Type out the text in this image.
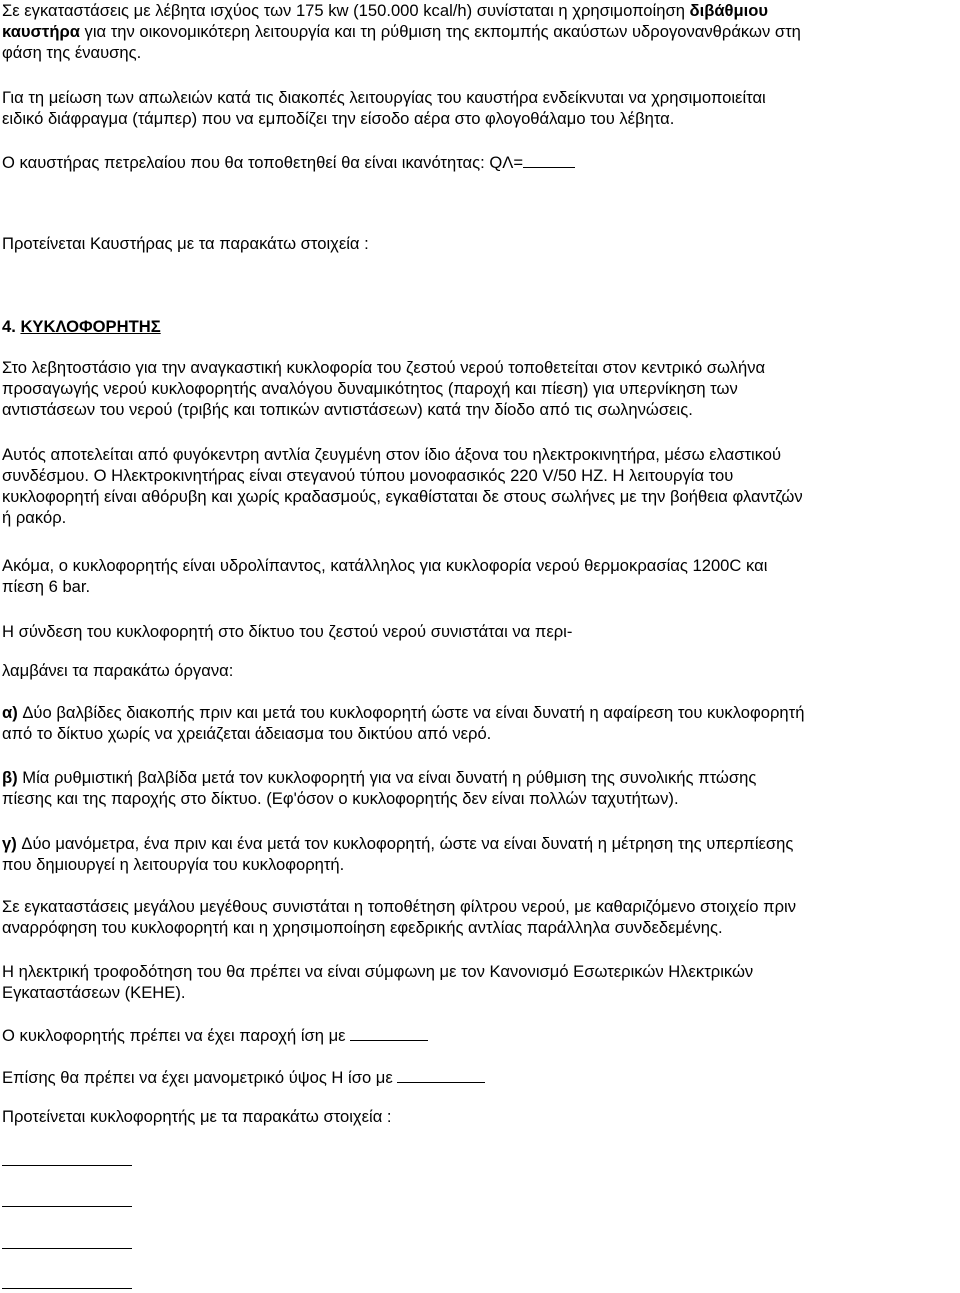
Σε εγκαταστάσεις με λέβητα ισχύος των 175 kw (150.000 kcal/h) συνίσταται η χρησιμοποίηση διβάθμιου
καυστήρα για την οικονομικότερη λειτουργία και τη ρύθμιση της εκπομπής ακαύστων υδρογονανθράκων στη
φάση της έναυσης.

Για τη μείωση των απωλειών κατά τις διακοπές λειτουργίας του καυστήρα ενδείκνυται να χρησιμοποιείται
ειδικό διάφραγμα (τάμπερ) που να εμποδίζει την είσοδο αέρα στο φλογοθάλαμο του λέβητα.

Ο καυστήρας πετρελαίου που θα τοποθετηθεί θα είναι ικανότητας: QΛ=

Προτείνεται Καυστήρας με τα παρακάτω στοιχεία :

4. ΚΥΚΛΟΦΟΡΗΤΗΣ

Στο λεβητοστάσιο για την αναγκαστική κυκλοφορία του ζεστού νερού τοποθετείται στον κεντρικό σωλήνα
προσαγωγής νερού κυκλοφορητής αναλόγου δυναμικότητος (παροχή και πίεση) για υπερνίκηση των
αντιστάσεων του νερού (τριβής και τοπικών αντιστάσεων) κατά την δίοδο από τις σωληνώσεις.

Αυτός αποτελείται από φυγόκεντρη αντλία ζευγμένη στον ίδιο άξονα του ηλεκτροκινητήρα, μέσω ελαστικού
συνδέσμου. Ο Ηλεκτροκινητήρας είναι στεγανού τύπου μονοφασικός 220 V/50 HZ. Η λειτουργία του
κυκλοφορητή είναι αθόρυβη και χωρίς κραδασμούς, εγκαθίσταται δε στους σωλήνες με την βοήθεια φλαντζών
ή ρακόρ.

Ακόμα, ο κυκλοφορητής είναι υδρολίπαντος, κατάλληλος για κυκλοφορία νερού θερμοκρασίας 1200C και
πίεση 6 bar.

Η σύνδεση του κυκλοφορητή στο δίκτυο του ζεστού νερού συνιστάται να περι-

λαμβάνει τα παρακάτω όργανα:

α) Δύο βαλβίδες διακοπής πριν και μετά του κυκλοφορητή ώστε να είναι δυνατή η αφαίρεση του κυκλοφορητή
από το δίκτυο χωρίς να χρειάζεται άδειασμα του δικτύου από νερό.

β) Μία ρυθμιστική βαλβίδα μετά τον κυκλοφορητή για να είναι δυνατή η ρύθμιση της συνολικής πτώσης
πίεσης και της παροχής στο δίκτυο. (Εφ'όσον ο κυκλοφορητής δεν είναι πολλών ταχυτήτων).

γ) Δύο μανόμετρα, ένα πριν και ένα μετά τον κυκλοφορητή, ώστε να είναι δυνατή η μέτρηση της υπερπίεσης
που δημιουργεί η λειτουργία του κυκλοφορητή.

Σε εγκαταστάσεις μεγάλου μεγέθους συνιστάται η τοποθέτηση φίλτρου νερού, με καθαριζόμενο στοιχείο πριν
αναρρόφηση του κυκλοφορητή και η χρησιμοποίηση εφεδρικής αντλίας παράλληλα συνδεδεμένης.

Η ηλεκτρική τροφοδότηση του θα πρέπει να είναι σύμφωνη με τον Κανονισμό Εσωτερικών Ηλεκτρικών
Εγκαταστάσεων (ΚΕΗΕ).

Ο κυκλοφορητής πρέπει να έχει παροχή ίση με

Επίσης θα πρέπει να έχει μανομετρικό ύψος Η ίσο με

Προτείνεται κυκλοφορητής με τα παρακάτω στοιχεία :
